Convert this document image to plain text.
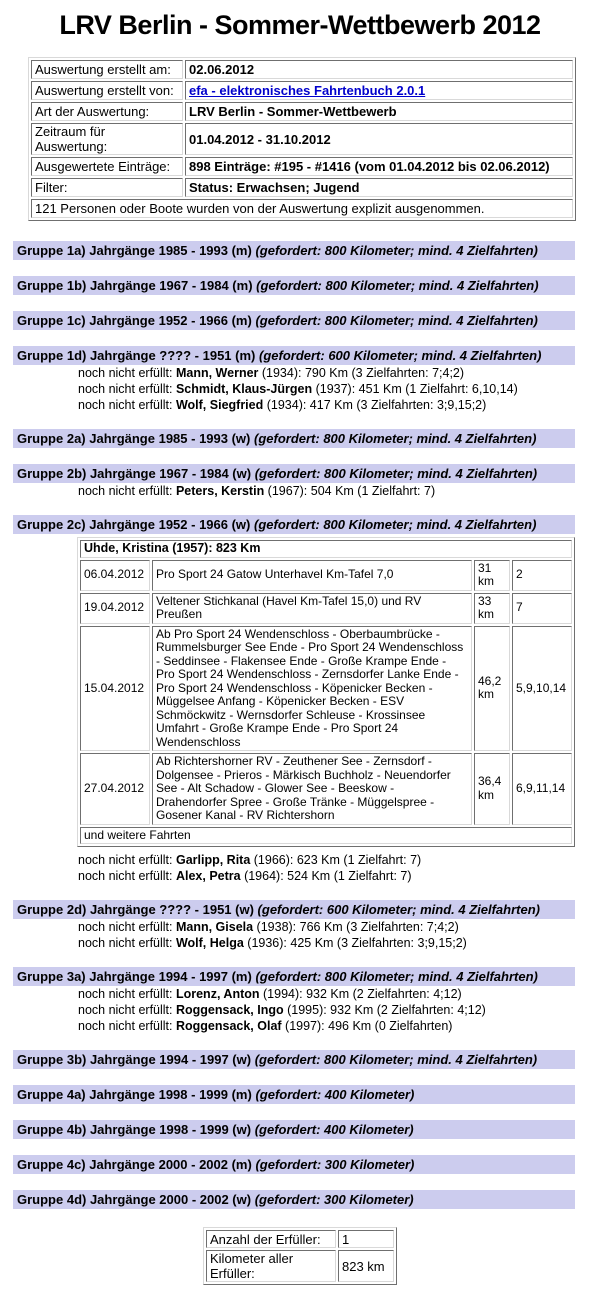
LRV Berlin - Sommer-Wettbewerb 2012
Auswertung erstellt am:	02.06.2012
Auswertung erstellt von:	efa - elektronisches Fahrtenbuch 2.0.1
Art der Auswertung:	LRV Berlin - Sommer-Wettbewerb
Zeitraum für Auswertung:	01.04.2012 - 31.10.2012
Ausgewertete Einträge:	898 Einträge: #195 - #1416 (vom 01.04.2012 bis 02.06.2012)
Filter:	Status: Erwachsen; Jugend
121 Personen oder Boote wurden von der Auswertung explizit ausgenommen.	
Gruppe 1a) Jahrgänge 1985 - 1993 (m) (gefordert: 800 Kilometer; mind. 4 Zielfahrten)
Gruppe 1b) Jahrgänge 1967 - 1984 (m) (gefordert: 800 Kilometer; mind. 4 Zielfahrten)
Gruppe 1c) Jahrgänge 1952 - 1966 (m) (gefordert: 800 Kilometer; mind. 4 Zielfahrten)
Gruppe 1d) Jahrgänge ???? - 1951 (m) (gefordert: 600 Kilometer; mind. 4 Zielfahrten)
noch nicht erfüllt: Mann, Werner (1934): 790 Km (3 Zielfahrten: 7;4;2)
noch nicht erfüllt: Schmidt, Klaus-Jürgen (1937): 451 Km (1 Zielfahrt: 6,10,14)
noch nicht erfüllt: Wolf, Siegfried (1934): 417 Km (3 Zielfahrten: 3;9,15;2)
Gruppe 2a) Jahrgänge 1985 - 1993 (w) (gefordert: 800 Kilometer; mind. 4 Zielfahrten)
Gruppe 2b) Jahrgänge 1967 - 1984 (w) (gefordert: 800 Kilometer; mind. 4 Zielfahrten)
noch nicht erfüllt: Peters, Kerstin (1967): 504 Km (1 Zielfahrt: 7)
Gruppe 2c) Jahrgänge 1952 - 1966 (w) (gefordert: 800 Kilometer; mind. 4 Zielfahrten)
Uhde, Kristina (1957): 823 Km			
06.04.2012	Pro Sport 24 Gatow Unterhavel Km-Tafel 7,0	31 km	2
19.04.2012	Veltener Stichkanal (Havel Km-Tafel 15,0) und RV Preußen	33 km	7
15.04.2012	Ab Pro Sport 24 Wendenschloss - Oberbaumbrücke - Rummelsburger See Ende - Pro Sport 24 Wendenschloss - Seddinsee - Flakensee Ende - Große Krampe Ende - Pro Sport 24 Wendenschloss - Zernsdorfer Lanke Ende - Pro Sport 24 Wendenschloss - Köpenicker Becken - Müggelsee Anfang - Köpenicker Becken - ESV Schmöckwitz - Wernsdorfer Schleuse - Krossinsee Umfahrt - Große Krampe Ende - Pro Sport 24 Wendenschloss	46,2 km	5,9,10,14
27.04.2012	Ab Richtershorner RV - Zeuthener See - Zernsdorf - Dolgensee - Prieros - Märkisch Buchholz - Neuendorfer See - Alt Schadow - Glower See - Beeskow - Drahendorfer Spree - Große Tränke - Müggelspree - Gosener Kanal - RV Richtershorn	36,4 km	6,9,11,14
und weitere Fahrten			
noch nicht erfüllt: Garlipp, Rita (1966): 623 Km (1 Zielfahrt: 7)
noch nicht erfüllt: Alex, Petra (1964): 524 Km (1 Zielfahrt: 7)
Gruppe 2d) Jahrgänge ???? - 1951 (w) (gefordert: 600 Kilometer; mind. 4 Zielfahrten)
noch nicht erfüllt: Mann, Gisela (1938): 766 Km (3 Zielfahrten: 7;4;2)
noch nicht erfüllt: Wolf, Helga (1936): 425 Km (3 Zielfahrten: 3;9,15;2)
Gruppe 3a) Jahrgänge 1994 - 1997 (m) (gefordert: 800 Kilometer; mind. 4 Zielfahrten)
noch nicht erfüllt: Lorenz, Anton (1994): 932 Km (2 Zielfahrten: 4;12)
noch nicht erfüllt: Roggensack, Ingo (1995): 932 Km (2 Zielfahrten: 4;12)
noch nicht erfüllt: Roggensack, Olaf (1997): 496 Km (0 Zielfahrten)
Gruppe 3b) Jahrgänge 1994 - 1997 (w) (gefordert: 800 Kilometer; mind. 4 Zielfahrten)
Gruppe 4a) Jahrgänge 1998 - 1999 (m) (gefordert: 400 Kilometer)
Gruppe 4b) Jahrgänge 1998 - 1999 (w) (gefordert: 400 Kilometer)
Gruppe 4c) Jahrgänge 2000 - 2002 (m) (gefordert: 300 Kilometer)
Gruppe 4d) Jahrgänge 2000 - 2002 (w) (gefordert: 300 Kilometer)
Anzahl der Erfüller:	1
Kilometer aller Erfüller:	823 km
